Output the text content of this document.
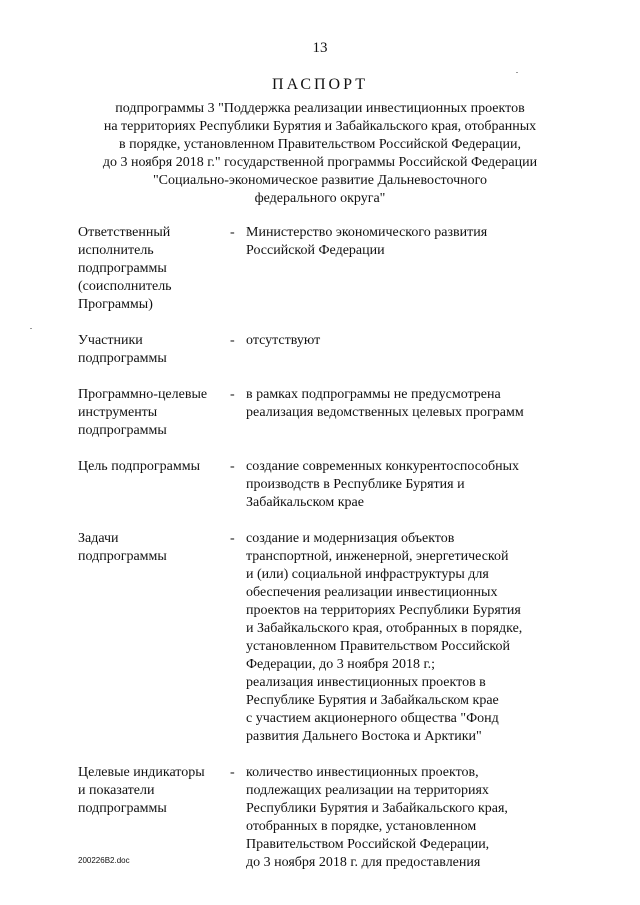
13
ПАСПОРТ
подпрограммы 3 "Поддержка реализации инвестиционных проектов
на территориях Республики Бурятия и Забайкальского края, отобранных
в порядке, установленном Правительством Российской Федерации,
до 3 ноября 2018 г." государственной программы Российской Федерации
"Социально-экономическое развитие Дальневосточного
федерального округа"
Ответственный
исполнитель
подпрограммы
(соисполнитель
Программы)
- Министерство экономического развития
Российской Федерации
Участники
подпрограммы
- отсутствуют
Программно-целевые
инструменты
подпрограммы
- в рамках подпрограммы не предусмотрена
реализация ведомственных целевых программ
Цель подпрограммы	- создание современных конкурентоспособных
производств в Республике Бурятия и
Забайкальском крае
Задачи
подпрограммы
- создание и модернизация объектов
транспортной, инженерной, энергетической
и (или) социальной инфраструктуры для
обеспечения реализации инвестиционных
проектов на территориях Республики Бурятия
и Забайкальского края, отобранных в порядке,
установленном Правительством Российской
Федерации, до 3 ноября 2018 г.;
реализация инвестиционных проектов в
Республике Бурятия и Забайкальском крае
с участием акционерного общества "Фонд
развития Дальнего Востока и Арктики"
Целевые индикаторы
и показатели
подпрограммы
- количество инвестиционных проектов,
подлежащих реализации на территориях
Республики Бурятия и Забайкальского края,
отобранных в порядке, установленном
Правительством Российской Федерации,
до 3 ноября 2018 г. для предоставления
200226B2.doc
